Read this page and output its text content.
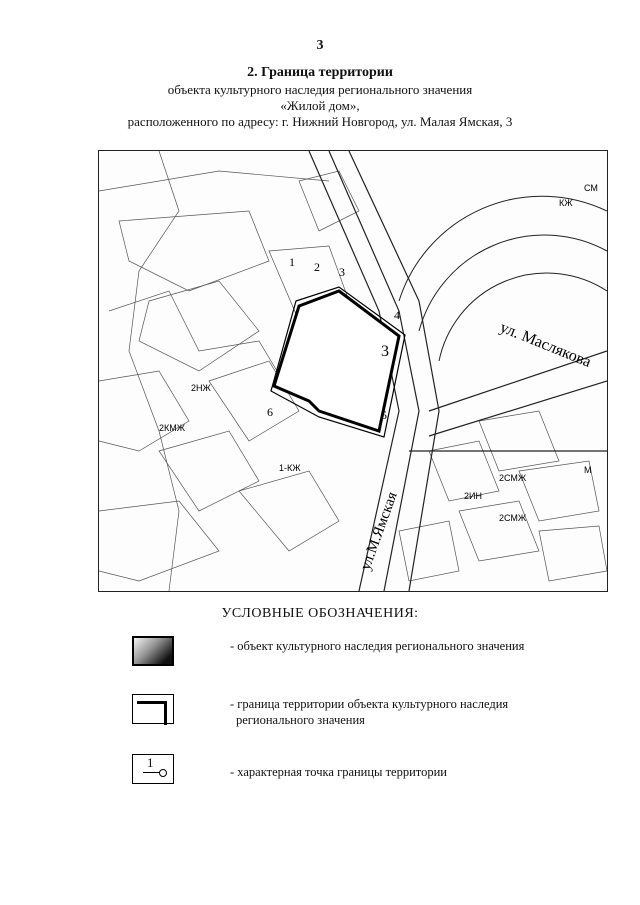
3
2. Граница территории
объекта культурного наследия регионального значения
«Жилой дом»,
расположенного по адресу: г. Нижний Новгород, ул. Малая Ямская, 3
3	ул. Масляковa
ул.М.Ямская
1 2 3
4
5
6
2НЖ
2КМЖ
2СМЖ
2СМЖ
1-КЖ
2ИН
М
СМ
КЖ
УСЛОВНЫЕ ОБОЗНАЧЕНИЯ:
- объект культурного наследия регионального значения
- граница территории объекта культурного наследия
регионального значения
1
- характерная точка границы территории
